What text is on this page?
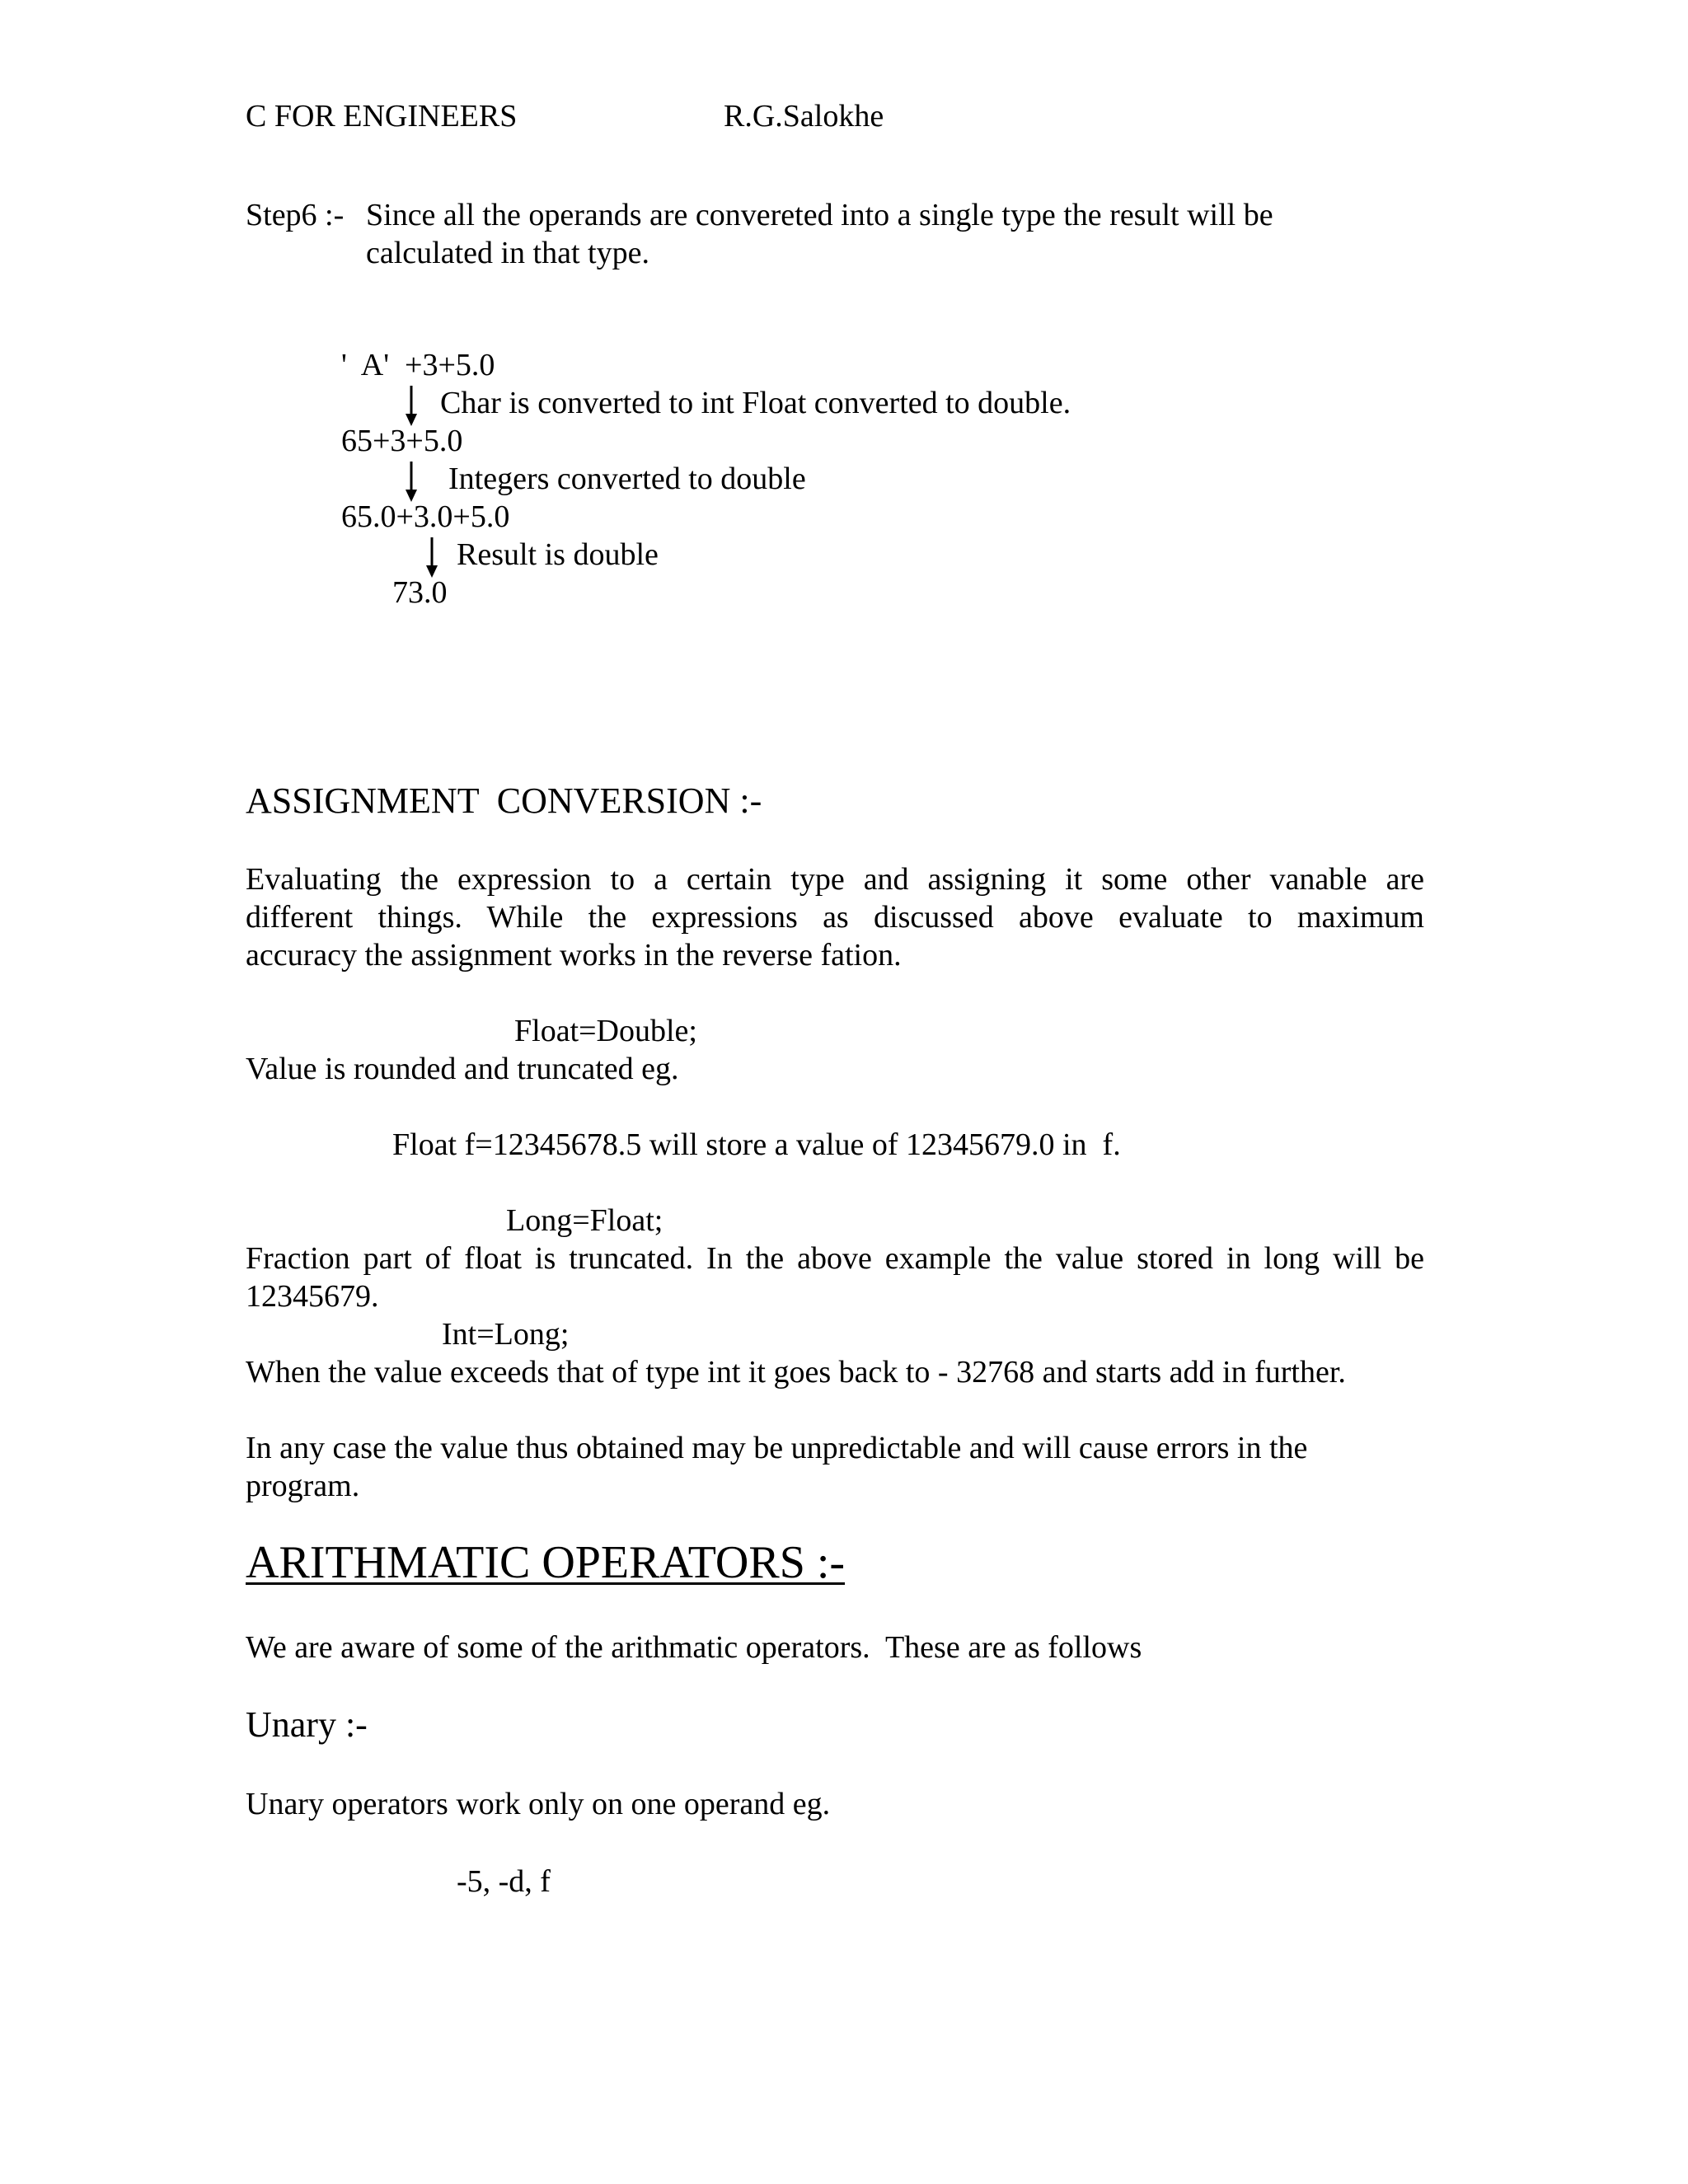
C FOR ENGINEERS	R.G.Salokhe
Step6 :- Since all the operands are convereted into a single type the result will be
calculated in that type.
'  A'  +3+5.0
Char is converted to int Float converted to double.
65+3+5.0
Integers converted to double
65.0+3.0+5.0
Result is double
73.0
ASSIGNMENT  CONVERSION :-
Evaluating the expression to a certain type and assigning it some other vanable are
different things. While the expressions as discussed above evaluate to maximum
accuracy the assignment works in the reverse fation.
Float=Double;
Value is rounded and truncated eg.
Float f=12345678.5 will store a value of 12345679.0 in  f.
Long=Float;
Fraction part of float is truncated. In the above example the value stored in long will be
12345679.
Int=Long;
When the value exceeds that of type int it goes back to - 32768 and starts add in further.
In any case the value thus obtained may be unpredictable and will cause errors in the
program.
ARITHMATIC OPERATORS :-
We are aware of some of the arithmatic operators.  These are as follows
Unary :-
Unary operators work only on one operand eg.
-5, -d, f
